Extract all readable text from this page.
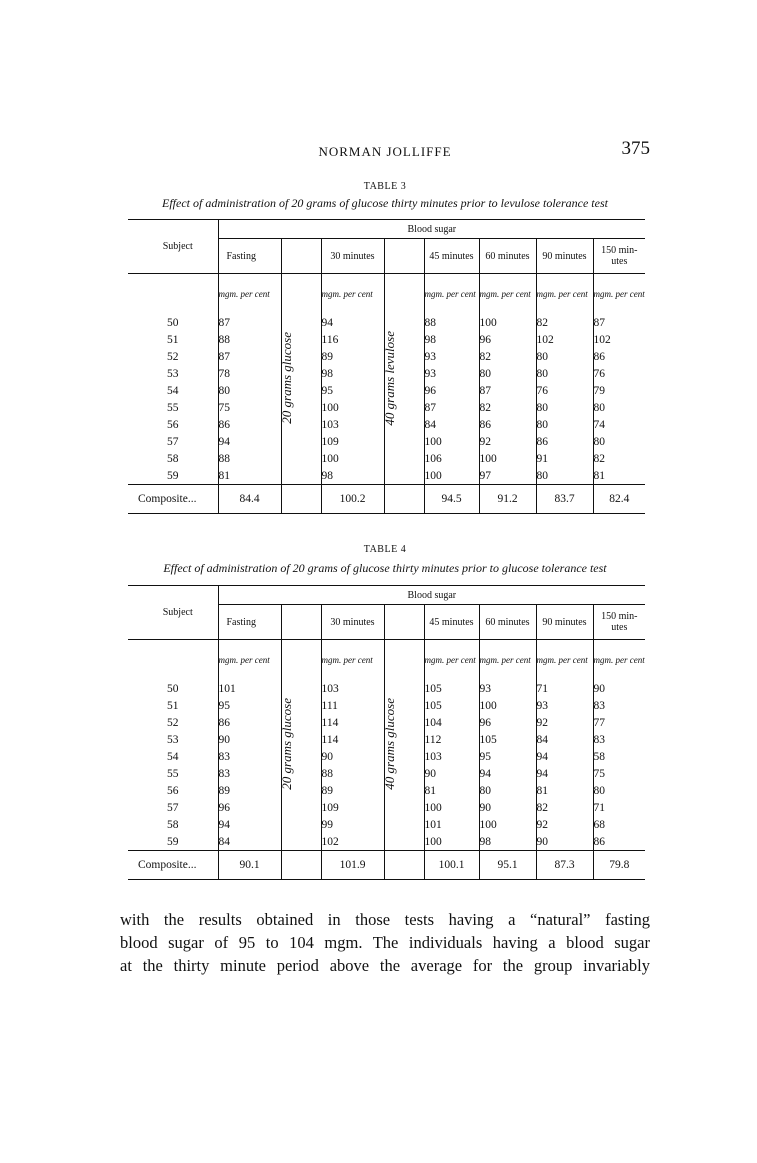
NORMAN JOLLIFFE	375
TABLE 3
Effect of administration of 20 grams of glucose thirty minutes prior to levulose tolerance test
Subject	Blood sugar							
	Fasting		30 minutes		45 minutes	60 minutes	90 minutes	150 min-utes
	mgm. per cent	20 grams glucose	mgm. per cent	40 grams levulose	mgm. per cent	mgm. per cent	mgm. per cent	mgm. per cent
50	87		94		88	100	82	87
51	88		116		98	96	102	102
52	87		89		93	82	80	86
53	78		98		93	80	80	76
54	80		95		96	87	76	79
55	75		100		87	82	80	80
56	86		103		84	86	80	74
57	94		109		100	92	86	80
58	88		100		106	100	91	82
59	81		98		100	97	80	81
Composite...	84.4		100.2		94.5	91.2	83.7	82.4
TABLE 4
Effect of administration of 20 grams of glucose thirty minutes prior to glucose tolerance test
Subject	Blood sugar							
	Fasting		30 minutes		45 minutes	60 minutes	90 minutes	150 min-utes
	mgm. per cent	20 grams glucose	mgm. per cent	40 grams glucose	mgm. per cent	mgm. per cent	mgm. per cent	mgm. per cent
50	101		103		105	93	71	90
51	95		111		105	100	93	83
52	86		114		104	96	92	77
53	90		114		112	105	84	83
54	83		90		103	95	94	58
55	83		88		90	94	94	75
56	89		89		81	80	81	80
57	96		109		100	90	82	71
58	94		99		101	100	92	68
59	84		102		100	98	90	86
Composite...	90.1		101.9		100.1	95.1	87.3	79.8
with the results obtained in those tests having a “natural” fasting
blood sugar of 95 to 104 mgm. The individuals having a blood sugar
at the thirty minute period above the average for the group invariably
